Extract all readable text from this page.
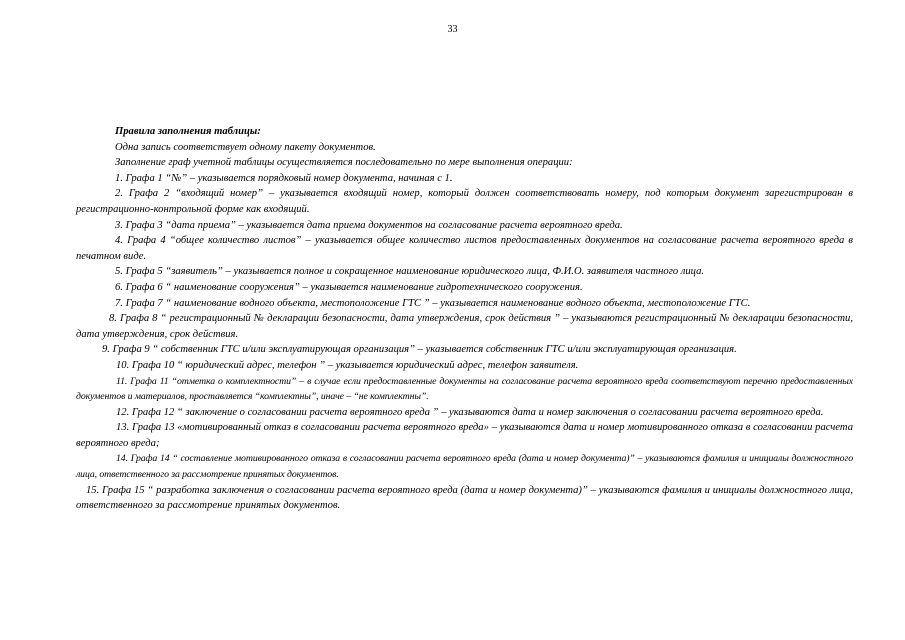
33

Правила заполнения таблицы:

Одна запись соответствует одному пакету документов.

Заполнение граф учетной таблицы осуществляется последовательно по мере выполнения операции:

1. Графа 1 “№” – указывается порядковый номер документа, начиная с 1.

2. Графа 2 “входящий номер” – указывается входящий номер, который должен соответствовать номеру, под которым документ зарегистрирован в регистрационно-контрольной форме как входящий.

3. Графа 3 “дата приема” – указывается дата приема документов на согласование расчета вероятного вреда.

4. Графа 4 “общее количество листов” – указывается общее количество листов предоставленных документов на согласование расчета вероятного вреда в печатном виде.

5. Графа 5 “заявитель” – указывается полное и сокращенное наименование юридического лица, Ф.И.О. заявителя частного лица.

6. Графа 6 “ наименование сооружения” – указывается наименование гидротехнического сооружения.

7. Графа 7 “ наименование водного объекта, местоположение ГТС ” – указывается наименование водного объекта, местоположение ГТС.

8. Графа 8 “ регистрационный № декларации безопасности, дата утверждения, срок действия ” – указываются регистрационный № декларации безопасности, дата утверждения, срок действия.

9. Графа 9 “ собственник ГТС и/или эксплуатирующая организация” – указывается собственник ГТС и/или эксплуатирующая организация.

10. Графа 10 “ юридический адрес, телефон ” – указывается юридический адрес, телефон заявителя.

11. Графа 11 “отметка о комплектности” – в случае если предоставленные документы на согласование расчета вероятного вреда соответствуют перечню предоставленных документов и материалов, проставляется “комплектны”, иначе – “не комплектны”.

12. Графа 12 “ заключение о согласовании расчета вероятного вреда ” – указываются дата и номер заключения о согласовании расчета вероятного вреда.

13. Графа 13 «мотивированный отказ в согласовании расчета вероятного вреда» – указываются дата и номер мотивированного отказа в согласовании расчета вероятного вреда;

14. Графа 14 “ составление мотивированного отказа в согласовании расчета вероятного вреда (дата и номер документа)” – указываются фамилия и инициалы должностного лица, ответственного за рассмотрение принятых документов.

15. Графа 15 “ разработка заключения о согласовании расчета вероятного вреда (дата и номер документа)” – указываются фамилия и инициалы должностного лица, ответственного за рассмотрение принятых документов.
